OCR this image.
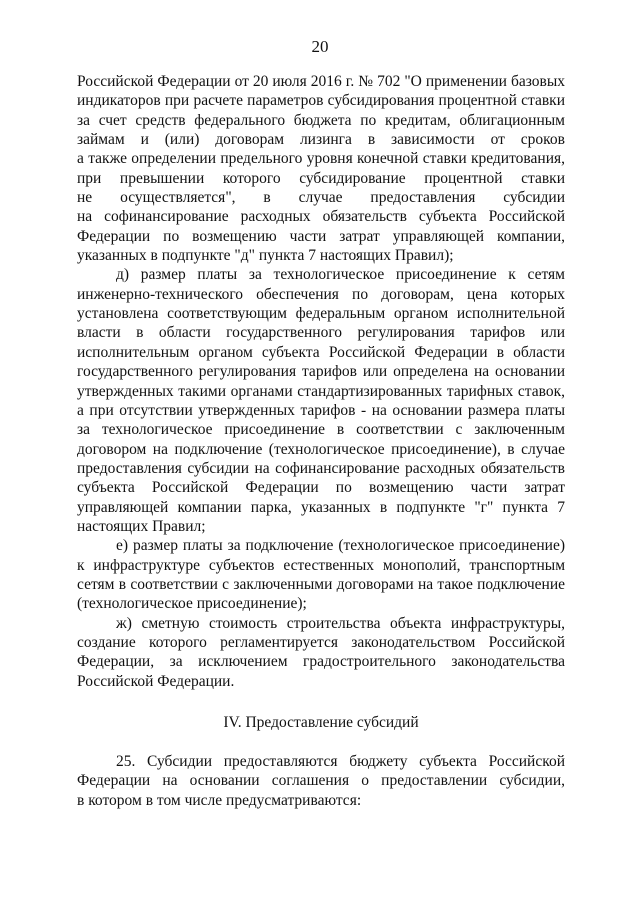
20
Российской Федерации от 20 июля 2016 г. № 702 "О применении базовых
индикаторов при расчете параметров субсидирования процентной ставки
за счет средств федерального бюджета по кредитам, облигационным
займам и (или) договорам лизинга в зависимости от сроков
а также определении предельного уровня конечной ставки кредитования,
при превышении которого субсидирование процентной ставки
не осуществляется", в случае предоставления субсидии
на софинансирование расходных обязательств субъекта Российской
Федерации по возмещению части затрат управляющей компании,
указанных в подпункте "д" пункта 7 настоящих Правил);
д) размер платы за технологическое присоединение к сетям
инженерно-технического обеспечения по договорам, цена которых
установлена соответствующим федеральным органом исполнительной
власти в области государственного регулирования тарифов или
исполнительным органом субъекта Российской Федерации в области
государственного регулирования тарифов или определена на основании
утвержденных такими органами стандартизированных тарифных ставок,
а при отсутствии утвержденных тарифов - на основании размера платы
за технологическое присоединение в соответствии с заключенным
договором на подключение (технологическое присоединение), в случае
предоставления субсидии на софинансирование расходных обязательств
субъекта Российской Федерации по возмещению части затрат
управляющей компании парка, указанных в подпункте "г" пункта 7
настоящих Правил;
е) размер платы за подключение (технологическое присоединение)
к инфраструктуре субъектов естественных монополий, транспортным
сетям в соответствии с заключенными договорами на такое подключение
(технологическое присоединение);
ж) сметную стоимость строительства объекта инфраструктуры,
создание которого регламентируется законодательством Российской
Федерации, за исключением градостроительного законодательства
Российской Федерации.
IV. Предоставление субсидий
25. Субсидии предоставляются бюджету субъекта Российской
Федерации на основании соглашения о предоставлении субсидии,
в котором в том числе предусматриваются:
